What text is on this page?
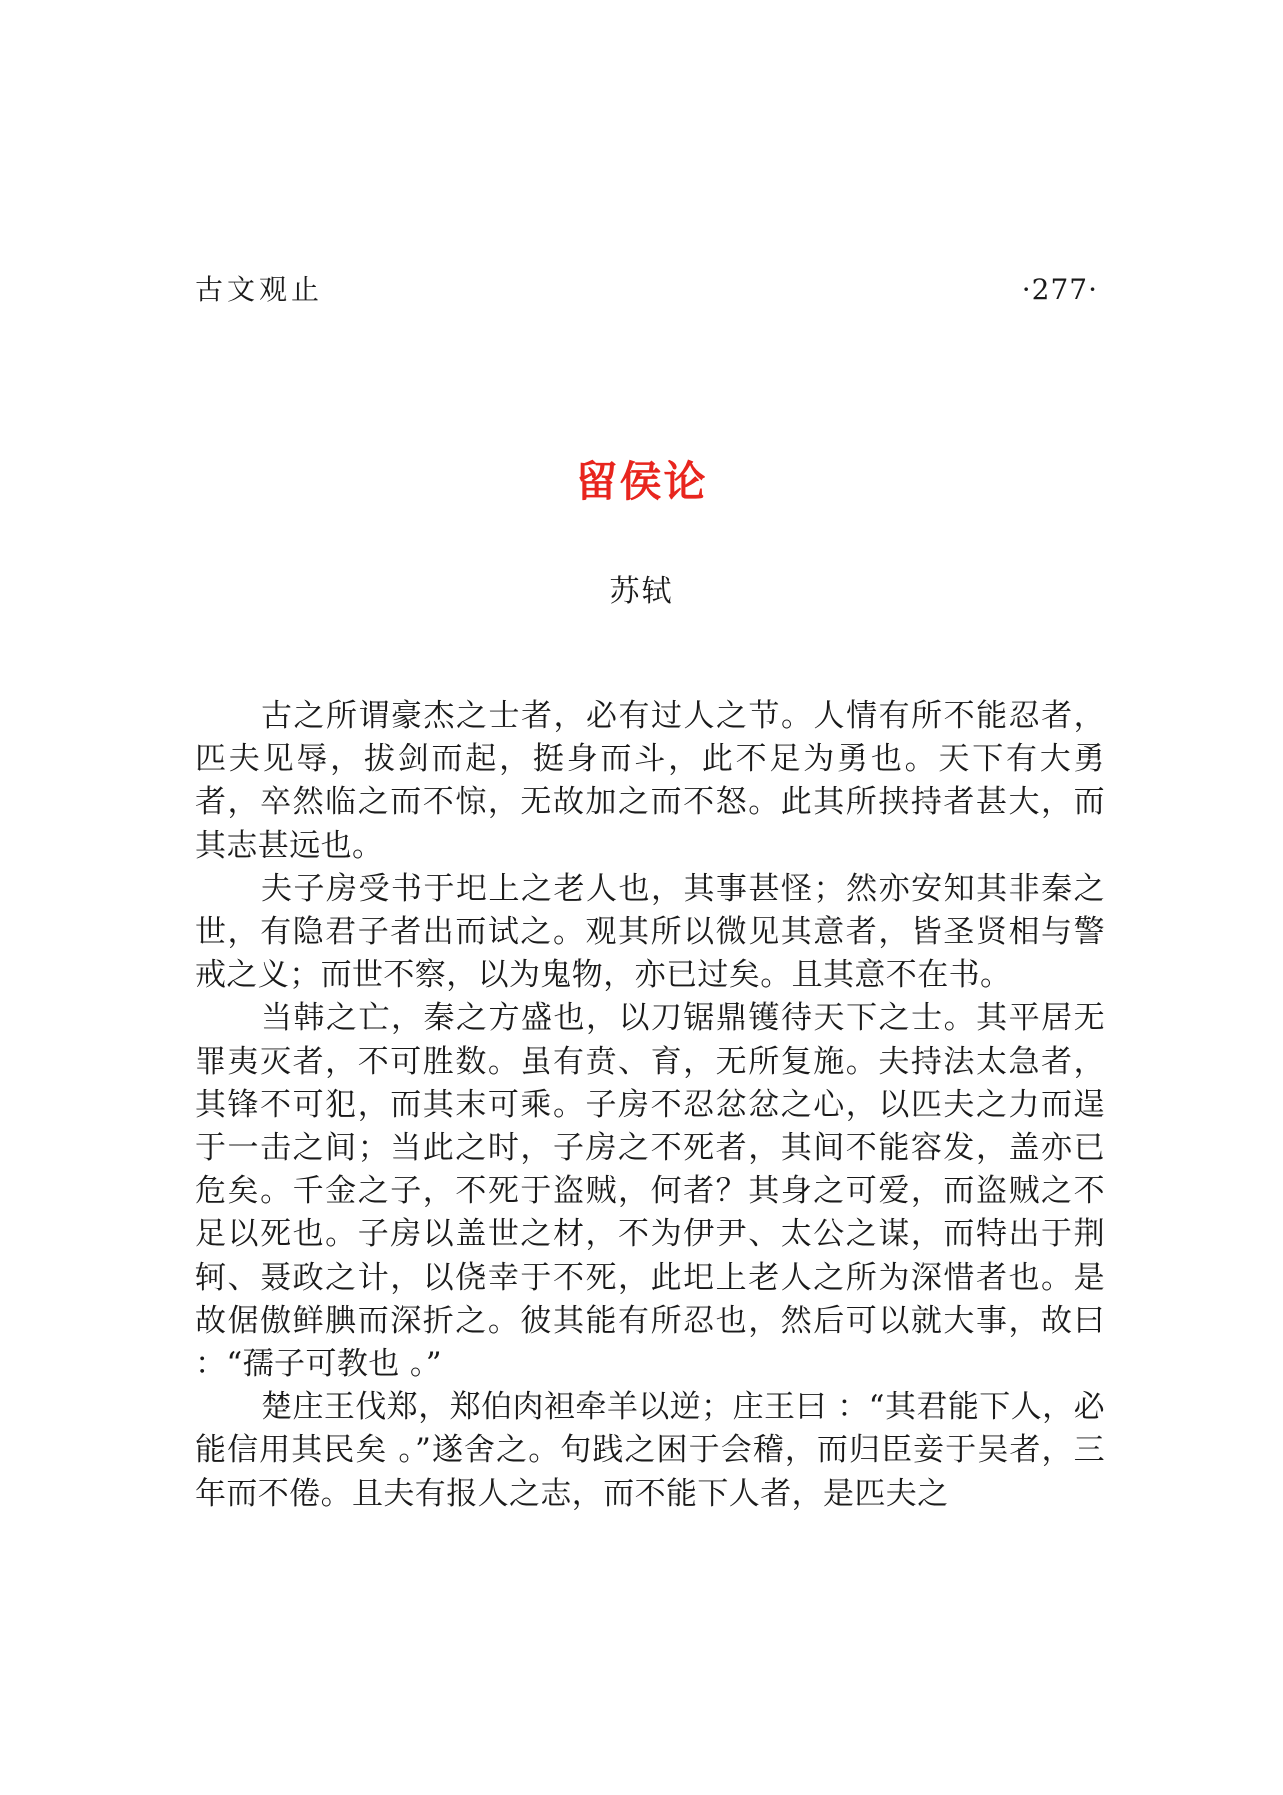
古文观止	·277·
留侯论
苏轼

古之所谓豪杰之士者，必有过人之节。人情有所不能忍者，匹夫见辱，拔剑而起，挺身而斗，此不足为勇也。天下有大勇者，卒然临之而不惊，无故加之而不怒。此其所挟持者甚大，而其志甚远也。

夫子房受书于圯上之老人也，其事甚怪；然亦安知其非秦之世，有隐君子者出而试之。观其所以微见其意者，皆圣贤相与警戒之义；而世不察，以为鬼物，亦已过矣。且其意不在书。

当韩之亡，秦之方盛也，以刀锯鼎镬待天下之士。其平居无罪夷灭者，不可胜数。虽有贲、育，无所复施。夫持法太急者，其锋不可犯，而其末可乘。子房不忍忿忿之心，以匹夫之力而逞于一击之间；当此之时，子房之不死者，其间不能容发，盖亦已危矣。千金之子，不死于盗贼，何者？其身之可爱，而盗贼之不足以死也。子房以盖世之材，不为伊尹、太公之谋，而特出于荆轲、聂政之计，以侥幸于不死，此圯上老人之所为深惜者也。是故倨傲鲜腆而深折之。彼其能有所忍也，然后可以就大事，故曰 ：“孺子可教也 。”

楚庄王伐郑，郑伯肉袒牵羊以逆；庄王曰 ：“其君能下人，必能信用其民矣 。”遂舍之。句践之困于会稽，而归臣妾于吴者，三年而不倦。且夫有报人之志，而不能下人者，是匹夫之
